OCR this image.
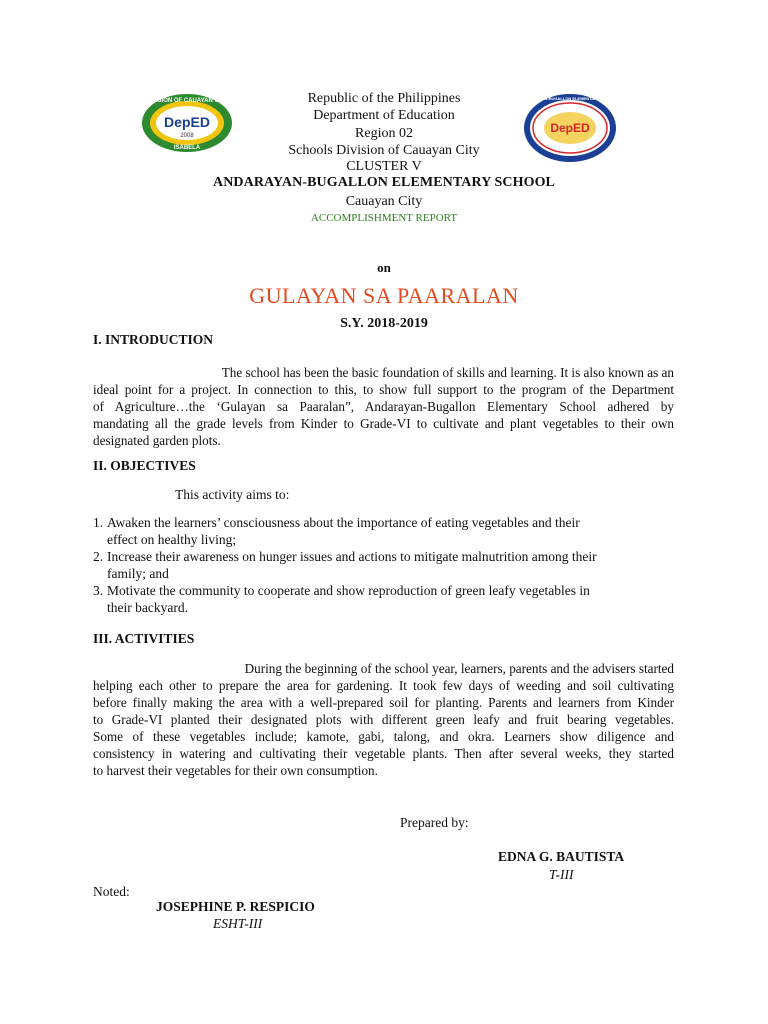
DepED
2008
DIVISION OF CAUAYAN CITY
ISABELA
DepED
ANDARAYAN-BUGALLON ELEMENTARY SCHOOL
Republic of the Philippines
Department of Education
Region 02
Schools Division of Cauayan City
CLUSTER V
ANDARAYAN-BUGALLON ELEMENTARY SCHOOL
Cauayan City
ACCOMPLISHMENT REPORT
on
GULAYAN SA PAARALAN
S.Y. 2018-2019
I. INTRODUCTION
The school has been the basic foundation of skills and learning. It is also known as an
ideal point for a project. In connection to this, to show full support to the program of the Department
of Agriculture…the ‘Gulayan sa Paaralan”, Andarayan-Bugallon Elementary School adhered by
mandating all the grade levels from Kinder to Grade-VI to cultivate and plant vegetables to their own
designated garden plots.
II. OBJECTIVES
This activity aims to:
1. Awaken the learners’ consciousness about the importance of eating vegetables and their
effect on healthy living;
2. Increase their awareness on hunger issues and actions to mitigate malnutrition among their
family; and
3. Motivate the community to cooperate and show reproduction of green leafy vegetables in
their backyard.
III. ACTIVITIES
During the beginning of the school year, learners, parents and the advisers started
helping each other to prepare the area for gardening. It took few days of weeding and soil cultivating
before finally making the area with a well-prepared soil for planting. Parents and learners from Kinder
to Grade-VI planted their designated plots with different green leafy and fruit bearing vegetables.
Some of these vegetables include; kamote, gabi, talong, and okra. Learners show diligence and
consistency in watering and cultivating their vegetable plants. Then after several weeks, they started
to harvest their vegetables for their own consumption.
Prepared by:
EDNA G. BAUTISTA
T-III
Noted:
JOSEPHINE P. RESPICIO
ESHT-III
